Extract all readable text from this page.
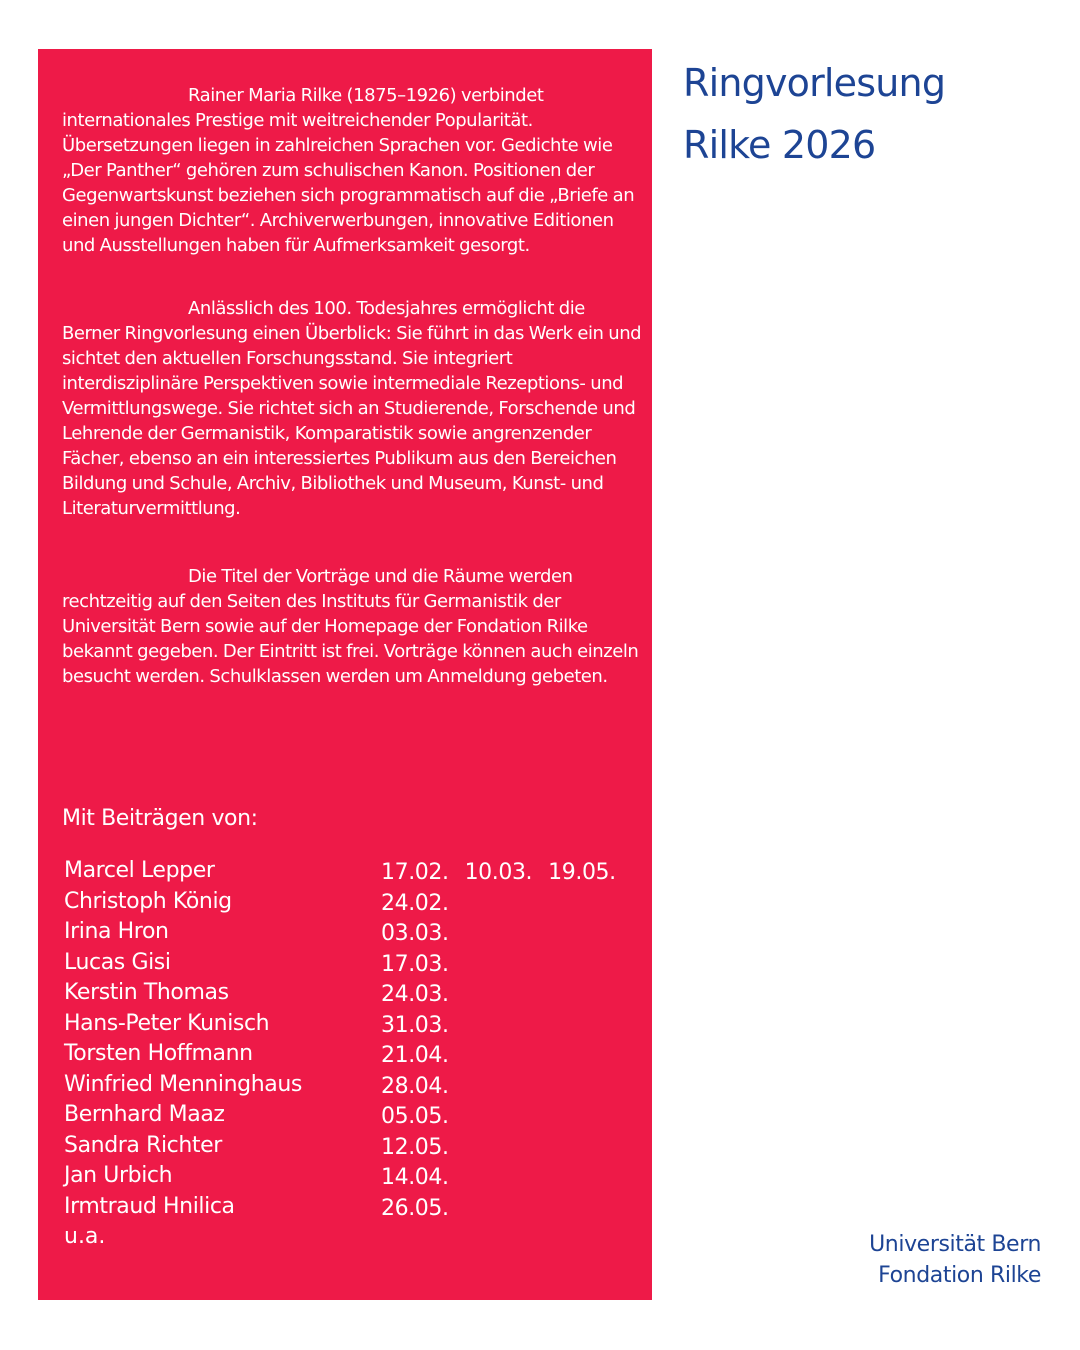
Rainer Maria Rilke (1875–1926) verbindet internationales Prestige mit weitreichender Popularität. Übersetzungen liegen in zahlreichen Sprachen vor. Gedichte wie „Der Panther“ gehören zum schulischen Kanon. Positionen der Gegenwartskunst beziehen sich programmatisch auf die „Briefe an einen jungen Dichter“. Archiverwerbungen, innovative Editionen und Ausstellungen haben für Aufmerksamkeit gesorgt.

Anlässlich des 100. Todesjahres ermöglicht die Berner Ringvorlesung einen Überblick: Sie führt in das Werk ein und sichtet den aktuellen Forschungsstand. Sie integriert interdisziplinäre Perspektiven sowie intermediale Rezeptions- und Vermittlungswege. Sie richtet sich an Studierende, Forschende und Lehrende der Germanistik, Komparatistik sowie angrenzender Fächer, ebenso an ein interessiertes Publikum aus den Bereichen Bildung und Schule, Archiv, Bibliothek und Museum, Kunst- und Literaturvermittlung.

Die Titel der Vorträge und die Räume werden rechtzeitig auf den Seiten des Instituts für Germanistik der Universität Bern sowie auf der Homepage der Fondation Rilke bekannt gegeben. Der Eintritt ist frei. Vorträge können auch einzeln besucht werden. Schulklassen werden um Anmeldung gebeten.

Mit Beiträgen von:
Marcel Lepper	17.02. 10.03. 19.05.
Christoph König	24.02.
Irina Hron	03.03.
Lucas Gisi	17.03.
Kerstin Thomas	24.03.
Hans-Peter Kunisch	31.03.
Torsten Hoffmann	21.04.
Winfried Menninghaus	28.04.
Bernhard Maaz	05.05.
Sandra Richter	12.05.
Jan Urbich	14.04.
Irmtraud Hnilica	26.05.
u.a.
Ringvorlesung
Rilke 2026
Universität Bern
Fondation Rilke
